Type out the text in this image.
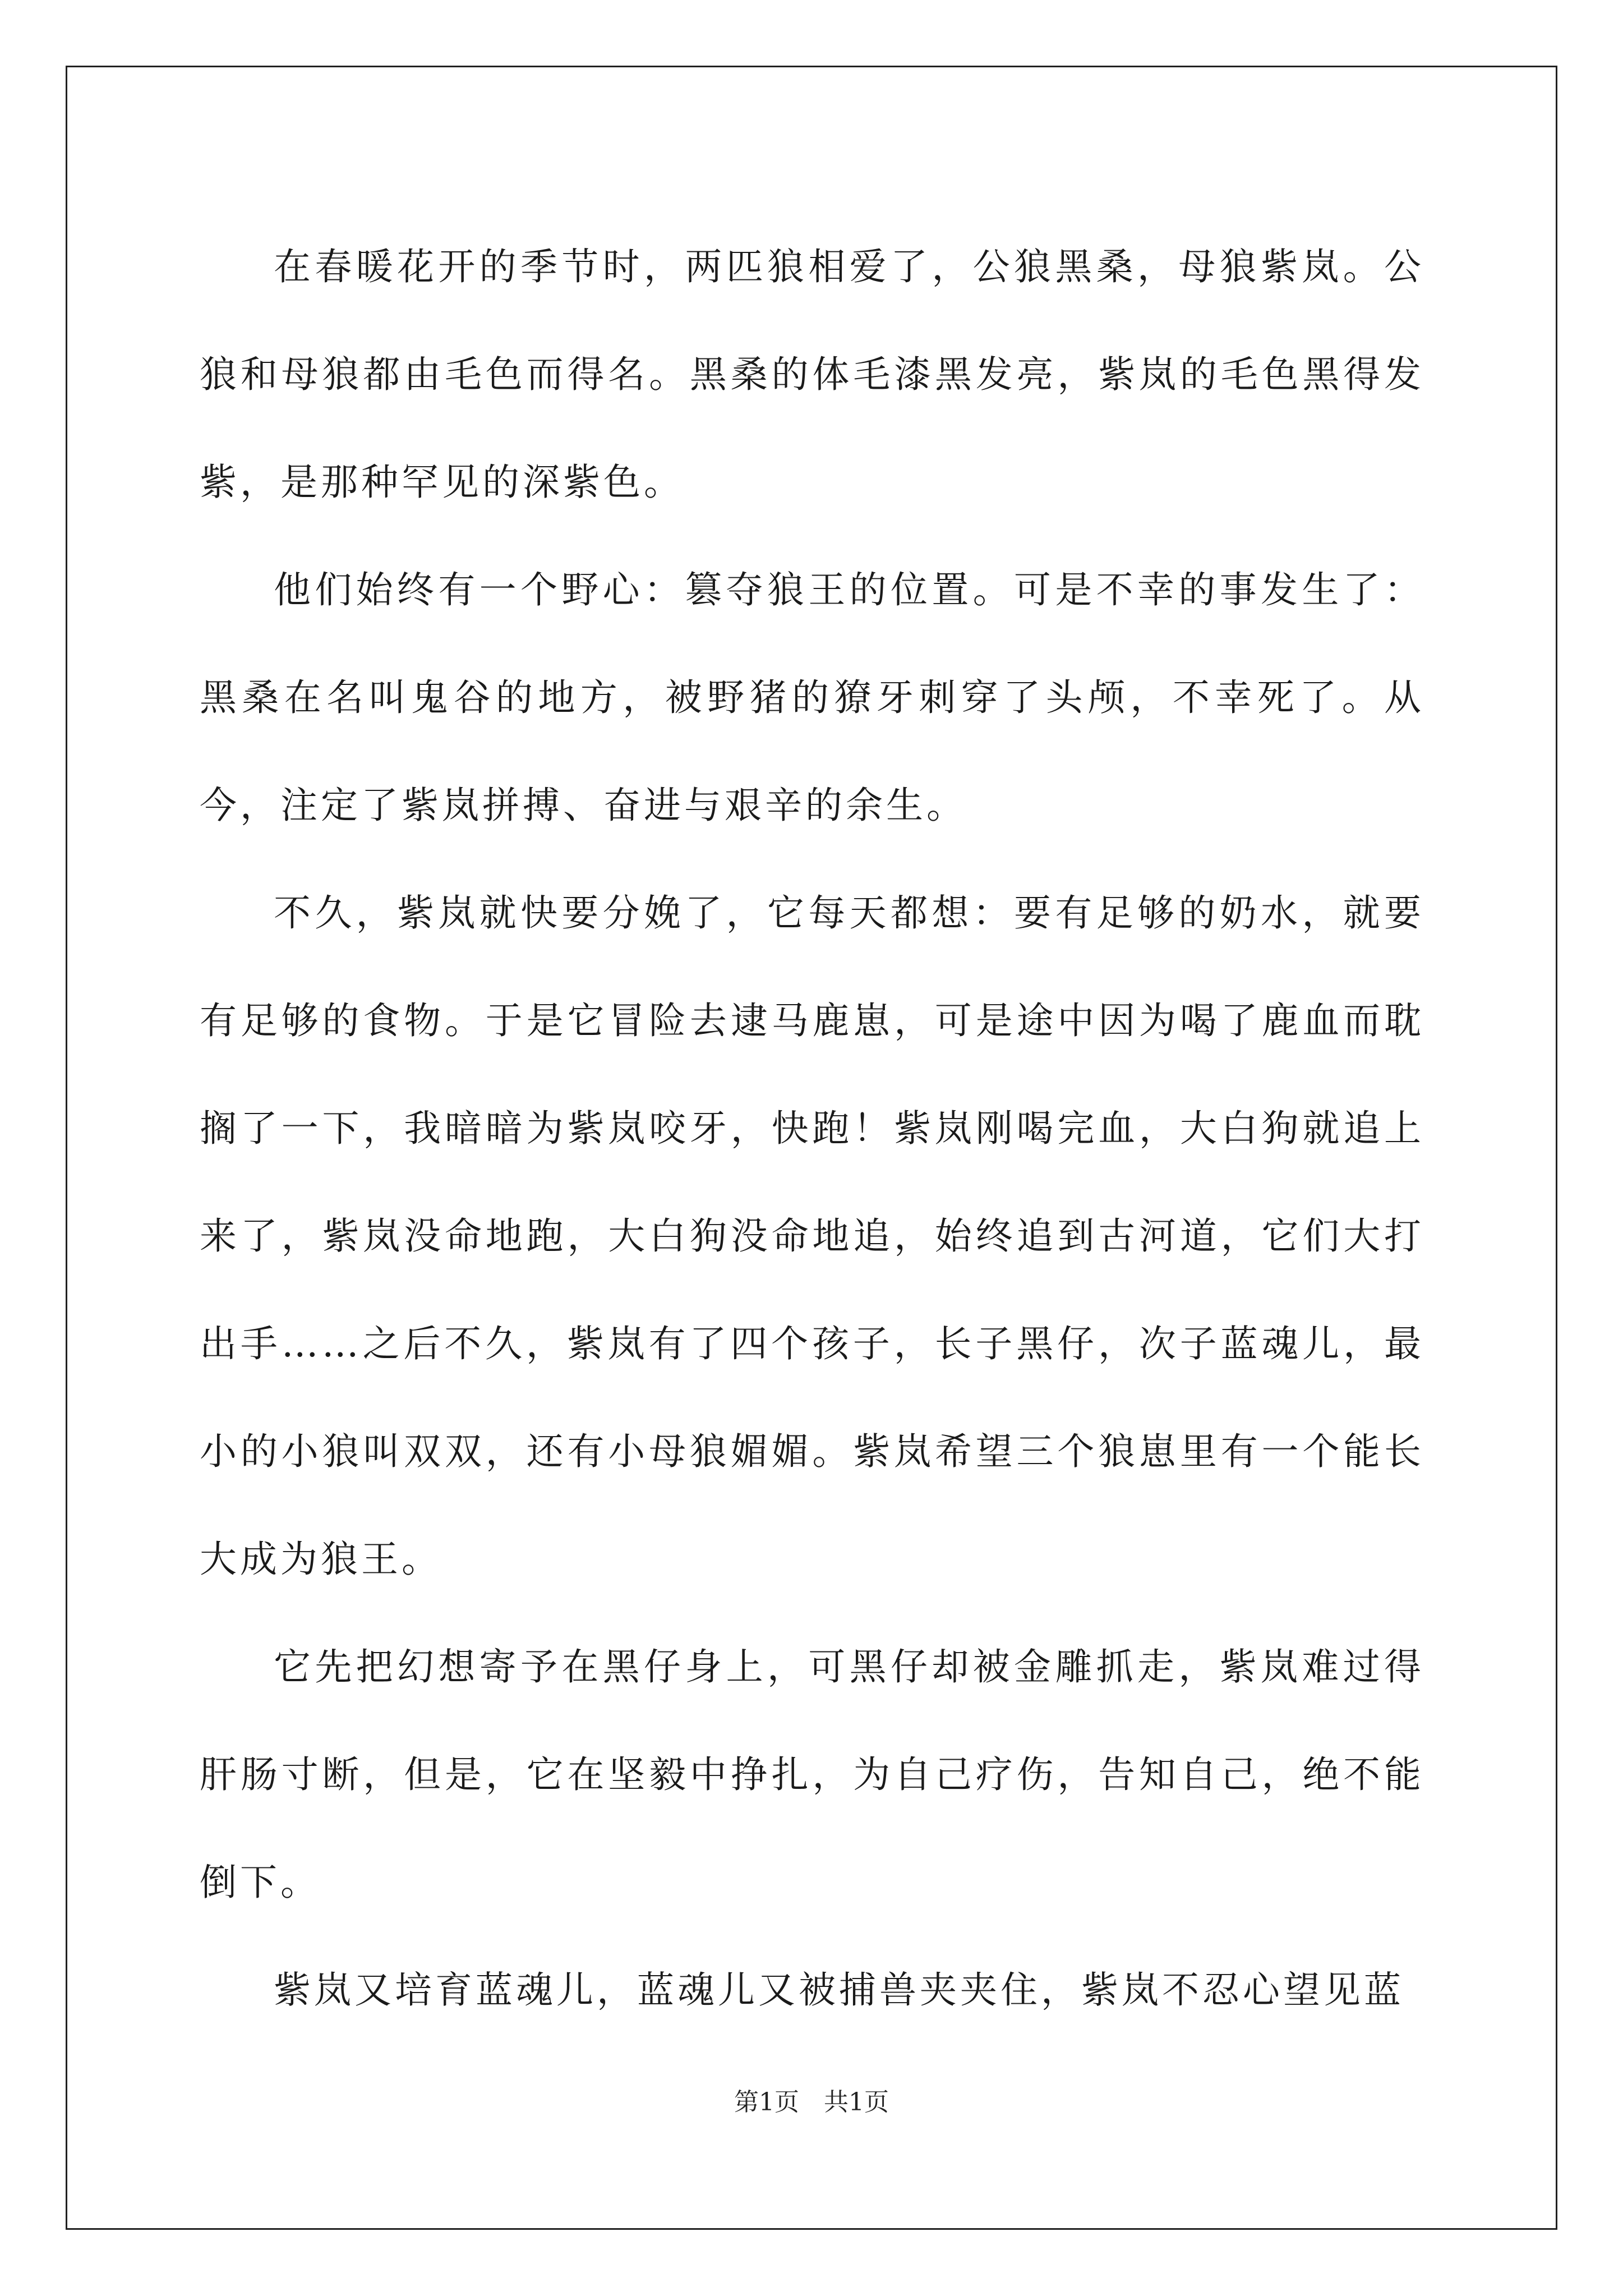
在春暖花开的季节时，两匹狼相爱了，公狼黑桑，母狼紫岚。公狼和母狼都由毛色而得名。黑桑的体毛漆黑发亮，紫岚的毛色黑得发紫，是那种罕见的深紫色。

他们始终有一个野心：篡夺狼王的位置。可是不幸的事发生了：黑桑在名叫鬼谷的地方，被野猪的獠牙刺穿了头颅，不幸死了。从今，注定了紫岚拼搏、奋进与艰辛的余生。

不久，紫岚就快要分娩了，它每天都想：要有足够的奶水，就要有足够的食物。于是它冒险去逮马鹿崽，可是途中因为喝了鹿血而耽搁了一下，我暗暗为紫岚咬牙，快跑！紫岚刚喝完血，大白狗就追上来了，紫岚没命地跑，大白狗没命地追，始终追到古河道，它们大打出手……之后不久，紫岚有了四个孩子，长子黑仔，次子蓝魂儿，最小的小狼叫双双，还有小母狼媚媚。紫岚希望三个狼崽里有一个能长大成为狼王。

它先把幻想寄予在黑仔身上，可黑仔却被金雕抓走，紫岚难过得肝肠寸断，但是，它在坚毅中挣扎，为自己疗伤，告知自己，绝不能倒下。

紫岚又培育蓝魂儿，蓝魂儿又被捕兽夹夹住，紫岚不忍心望见蓝

第1页　共1页
